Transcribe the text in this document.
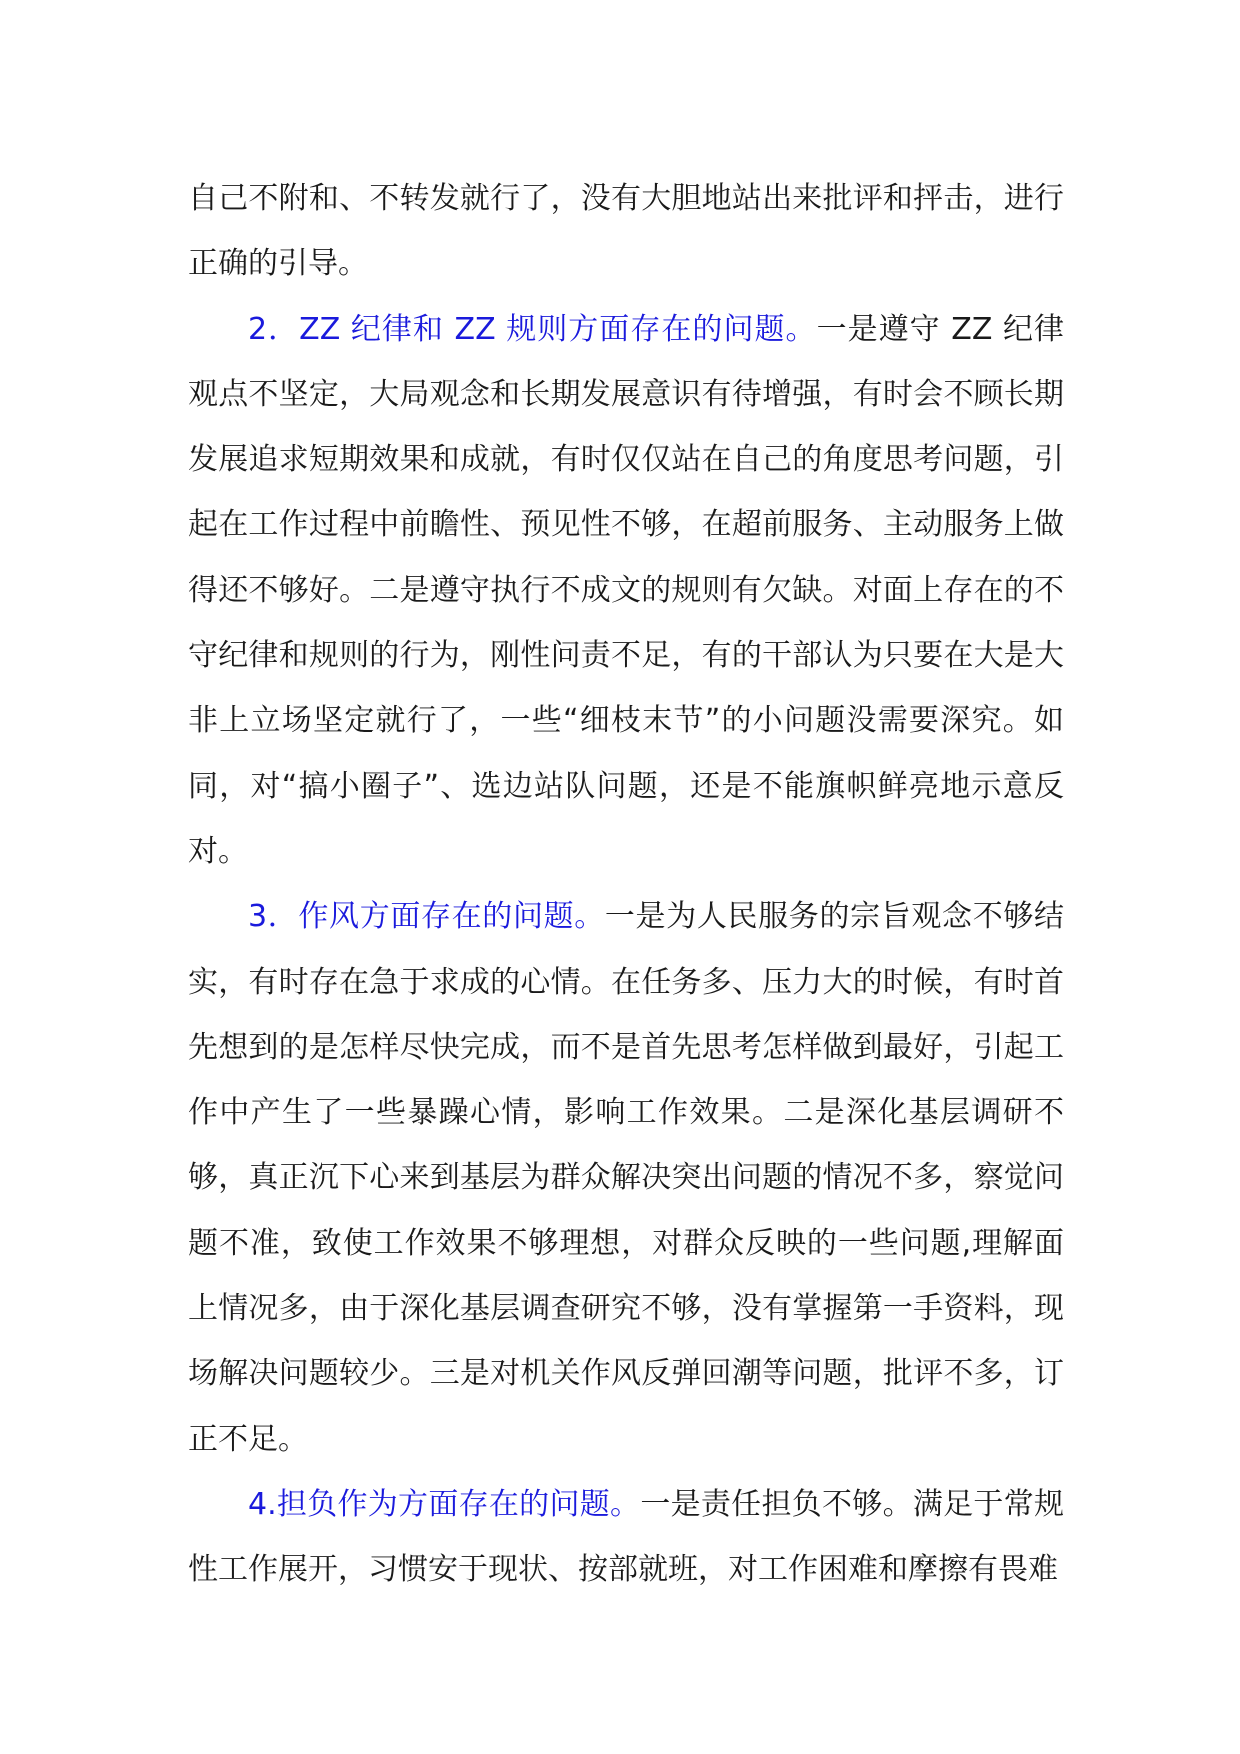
自己不附和、不转发就行了，没有大胆地站出来批评和抨击，进行正确的引导。

2．ZZ 纪律和 ZZ 规则方面存在的问题。一是遵守 ZZ 纪律观点不坚定，大局观念和长期发展意识有待增强，有时会不顾长期发展追求短期效果和成就，有时仅仅站在自己的角度思考问题，引起在工作过程中前瞻性、预见性不够，在超前服务、主动服务上做得还不够好。二是遵守执行不成文的规则有欠缺。对面上存在的不守纪律和规则的行为，刚性问责不足，有的干部认为只要在大是大非上立场坚定就行了，一些“细枝末节”的小问题没需要深究。如同，对“搞小圈子”、选边站队问题，还是不能旗帜鲜亮地示意反对。

3．作风方面存在的问题。一是为人民服务的宗旨观念不够结实，有时存在急于求成的心情。在任务多、压力大的时候，有时首先想到的是怎样尽快完成，而不是首先思考怎样做到最好，引起工作中产生了一些暴躁心情，影响工作效果。二是深化基层调研不够，真正沉下心来到基层为群众解决突出问题的情况不多，察觉问题不准，致使工作效果不够理想，对群众反映的一些问题,理解面上情况多，由于深化基层调查研究不够，没有掌握第一手资料，现场解决问题较少。三是对机关作风反弹回潮等问题，批评不多，订正不足。

4.担负作为方面存在的问题。一是责任担负不够。满足于常规性工作展开，习惯安于现状、按部就班，对工作困难和摩擦有畏难
